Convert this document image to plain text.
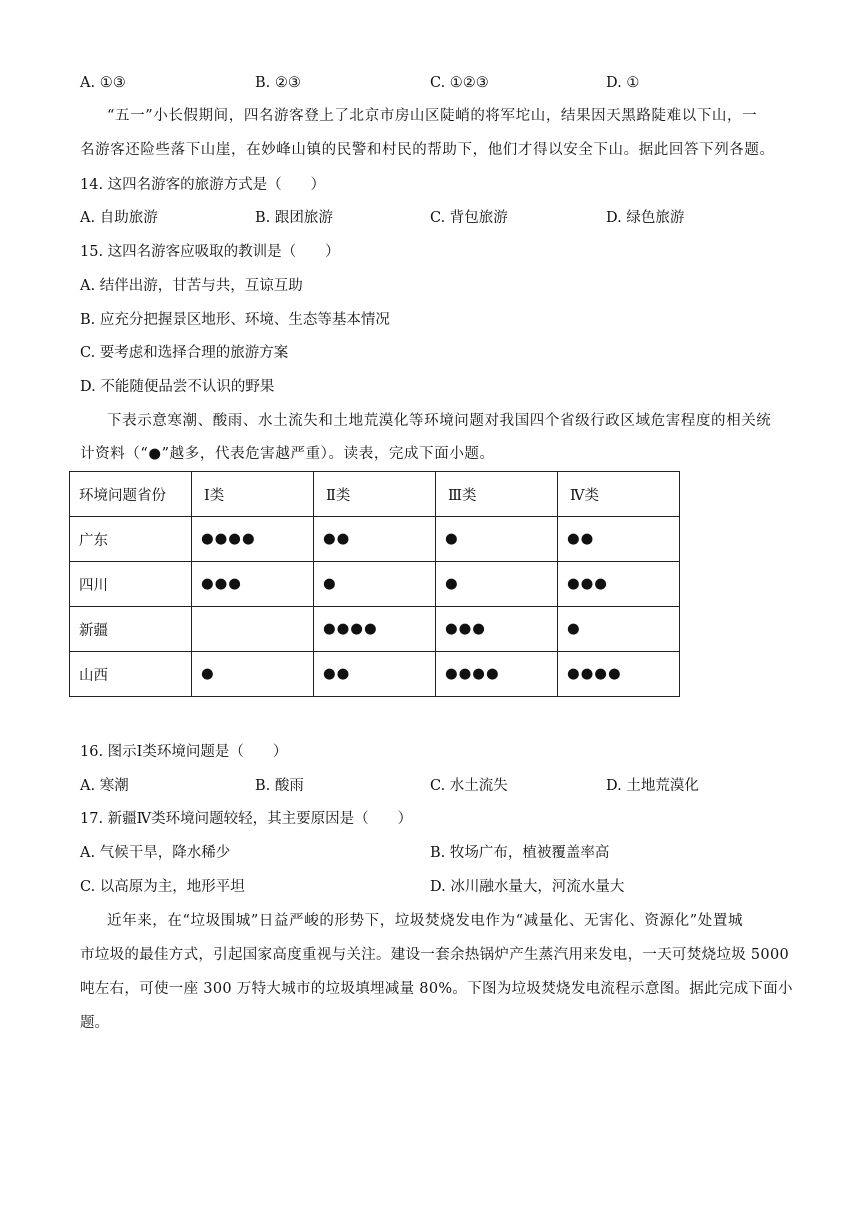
A. ①③	B. ②③	C. ①②③	D. ①
“五一”小长假期间，四名游客登上了北京市房山区陡峭的将军坨山，结果因天黑路陡难以下山，一
名游客还险些落下山崖，在妙峰山镇的民警和村民的帮助下，他们才得以安全下山。据此回答下列各题。
14. 这四名游客的旅游方式是（　　）
A. 自助旅游	B. 跟团旅游	C. 背包旅游	D. 绿色旅游
15. 这四名游客应吸取的教训是（　　）
A. 结伴出游，甘苦与共，互谅互助
B. 应充分把握景区地形、环境、生态等基本情况
C. 要考虑和选择合理的旅游方案
D. 不能随便品尝不认识的野果
下表示意寒潮、酸雨、水土流失和土地荒漠化等环境问题对我国四个省级行政区域危害程度的相关统
计资料（“●”越多，代表危害越严重）。读表，完成下面小题。
环境问题省份	Ⅰ类	Ⅱ类	Ⅲ类	Ⅳ类
广东	●●●●	●●	●	●●
四川	●●●	●	●	●●●
新疆		●●●●	●●●	●
山西	●	●●	●●●●	●●●●
16. 图示Ⅰ类环境问题是（　　）
A. 寒潮	B. 酸雨	C. 水土流失	D. 土地荒漠化
17. 新疆Ⅳ类环境问题较轻，其主要原因是（　　）
A. 气候干旱，降水稀少	B. 牧场广布，植被覆盖率高
C. 以高原为主，地形平坦	D. 冰川融水量大，河流水量大
近年来，在“垃圾围城”日益严峻的形势下，垃圾焚烧发电作为“减量化、无害化、资源化”处置城
市垃圾的最佳方式，引起国家高度重视与关注。建设一套余热锅炉产生蒸汽用来发电，一天可焚烧垃圾 5000
吨左右，可使一座 300 万特大城市的垃圾填埋减量 80%。下图为垃圾焚烧发电流程示意图。据此完成下面小
题。
